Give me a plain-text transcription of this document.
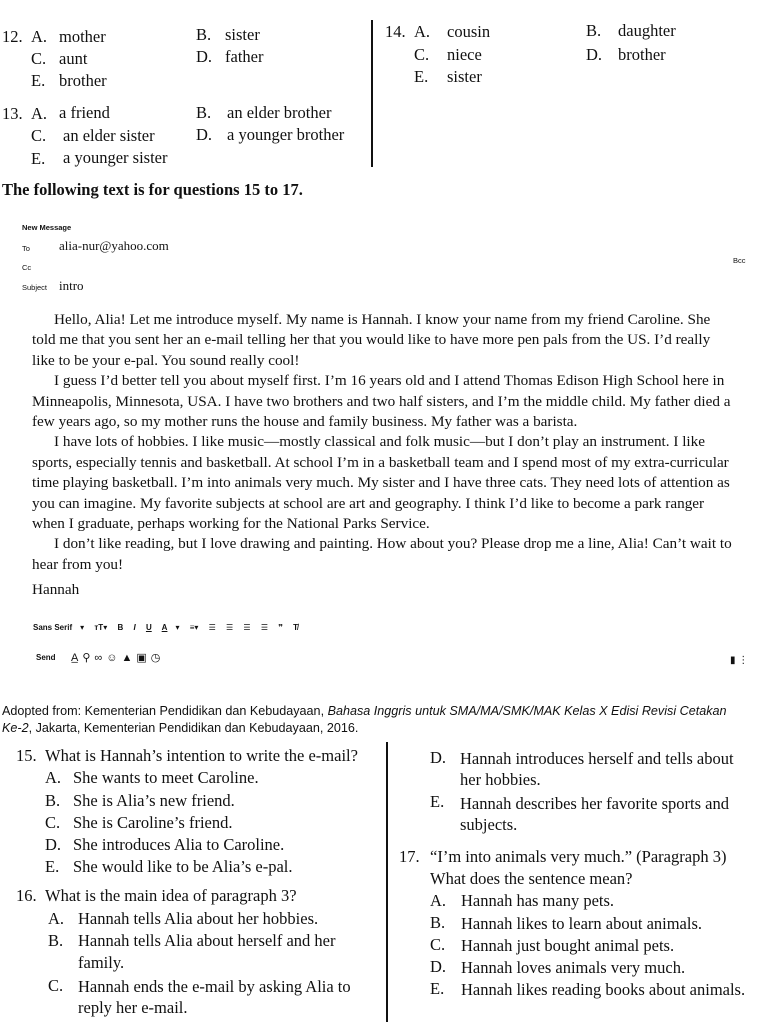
12. A. mother	B. sister
C. aunt	D. father
E. brother
13. A. a friend	B. an elder brother
C. an elder sister	D. a younger brother
E. a younger sister
14. A. cousin	B. daughter
C. niece	D. brother
E. sister
The following text is for questions 15 to 17.
New Message
To alia-nur@yahoo.com
Cc
Bcc
Subject intro

Hello, Alia! Let me introduce myself. My name is Hannah. I know your name from my friend Caroline. She told me that you sent her an e-mail telling her that you would like to have more pen pals from the US. I’d really like to be your e-pal. You sound really cool!

I guess I’d better tell you about myself first. I’m 16 years old and I attend Thomas Edison High School here in Minneapolis, Minnesota, USA. I have two brothers and two half sisters, and I’m the middle child. My father died a few years ago, so my mother runs the house and family business. My father was a barista.

I have lots of hobbies. I like music—mostly classical and folk music—but I don’t play an instrument. I like sports, especially tennis and basketball. At school I’m in a basketball team and I spend most of my extra-curricular time playing basketball. I’m into animals very much. My sister and I have three cats. They need lots of attention as you can imagine. My favorite subjects at school are art and geography. I think I’d like to become a park ranger when I graduate, perhaps working for the National Parks Service.

I don’t like reading, but I love drawing and painting. How about you? Please drop me a line, Alia! Can’t wait to hear from you!

Hannah
Sans Serif ▾ ᴛT▾ B I U A ▾ ≡▾ ☰ ☰ ☰ ☰ ❞ T̸
Send A̲⚲∞☺▲▣◷	▮ ⋮
Adopted from: Kementerian Pendidikan dan Kebudayaan, Bahasa Inggris untuk SMA/MA/SMK/MAK Kelas X Edisi Revisi Cetakan Ke-2, Jakarta, Kementerian Pendidikan dan Kebudayaan, 2016.
15. What is Hannah’s intention to write the e-mail?
A. She wants to meet Caroline.
B. She is Alia’s new friend.
C. She is Caroline’s friend.
D. She introduces Alia to Caroline.
E. She would like to be Alia’s e-pal.
16. What is the main idea of paragraph 3?
A. Hannah tells Alia about her hobbies.
B. Hannah tells Alia about herself and her
family.
C. Hannah ends the e-mail by asking Alia to
reply her e-mail.
D. Hannah introduces herself and tells about
her hobbies.
E. Hannah describes her favorite sports and
subjects.
17. “I’m into animals very much.” (Paragraph 3)
What does the sentence mean?
A. Hannah has many pets.
B. Hannah likes to learn about animals.
C. Hannah just bought animal pets.
D. Hannah loves animals very much.
E. Hannah likes reading books about animals.
